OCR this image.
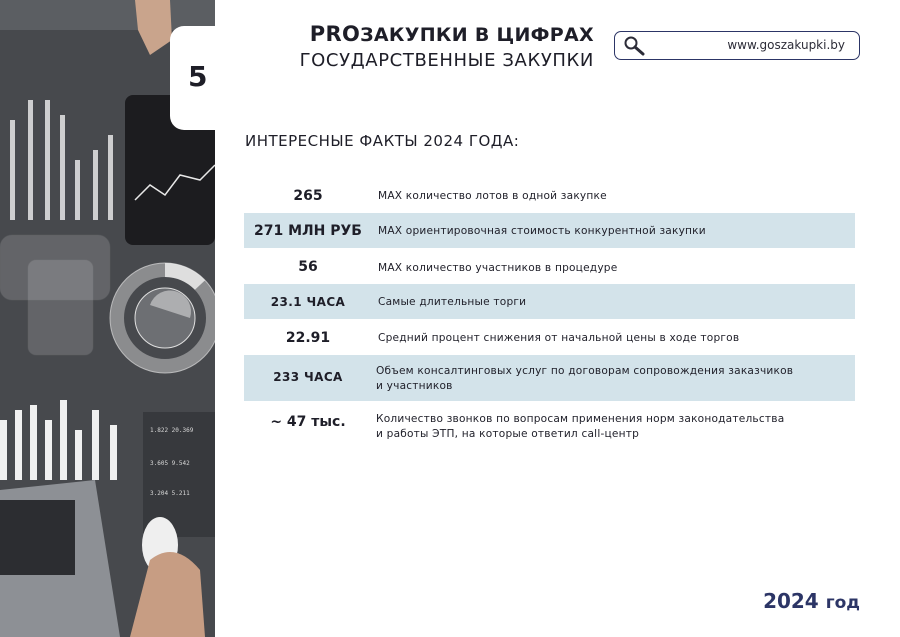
1.822 20.369
3.605 9.542
3.204 5.211
5
PROЗАКУПКИ В ЦИФРАХ
ГОСУДАРСТВЕННЫЕ ЗАКУПКИ
www.goszakupki.by
ИНТЕРЕСНЫЕ ФАКТЫ 2024 ГОДА:
265	MAX количество лотов в одной закупке
271 МЛН РУБ	MAX ориентировочная стоимость конкурентной закупки
56	MAX количество участников в процедуре
23.1 ЧАСА	Самые длительные торги
22.91	Средний процент снижения от начальной цены в ходе торгов
233 ЧАСА	Объем консалтинговых услуг по договорам сопровождения заказчиков
и участников
~ 47 тыс.	Количество звонков по вопросам применения норм законодательства
и работы ЭТП, на которые ответил call-центр
2024 год
